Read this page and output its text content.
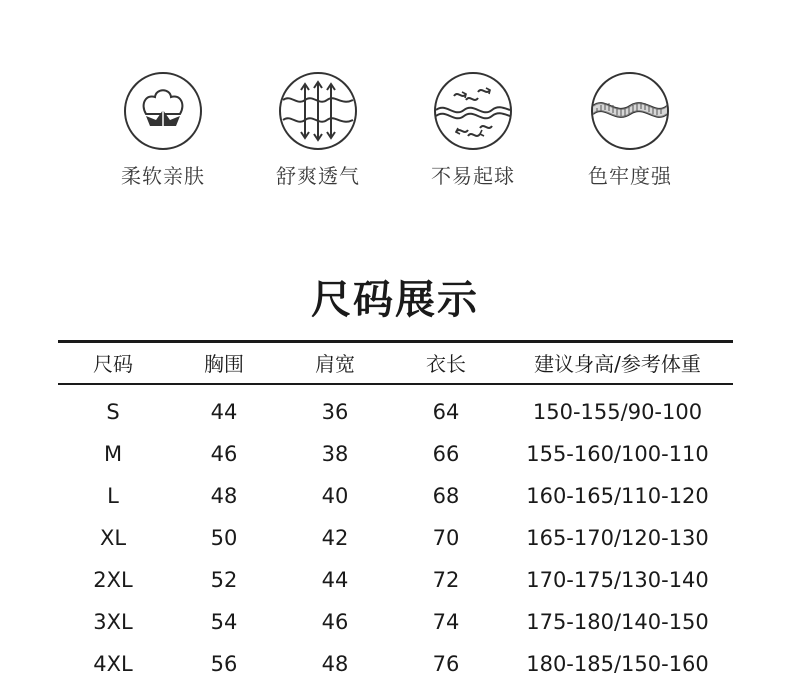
柔软亲肤	舒爽透气	不易起球	色牢度强
尺码展示
尺码	胸围	肩宽	衣长	建议身高/参考体重
S	44	36	64	150-155/90-100
M	46	38	66	155-160/100-110
L	48	40	68	160-165/110-120
XL	50	42	70	165-170/120-130
2XL	52	44	72	170-175/130-140
3XL	54	46	74	175-180/140-150
4XL	56	48	76	180-185/150-160
